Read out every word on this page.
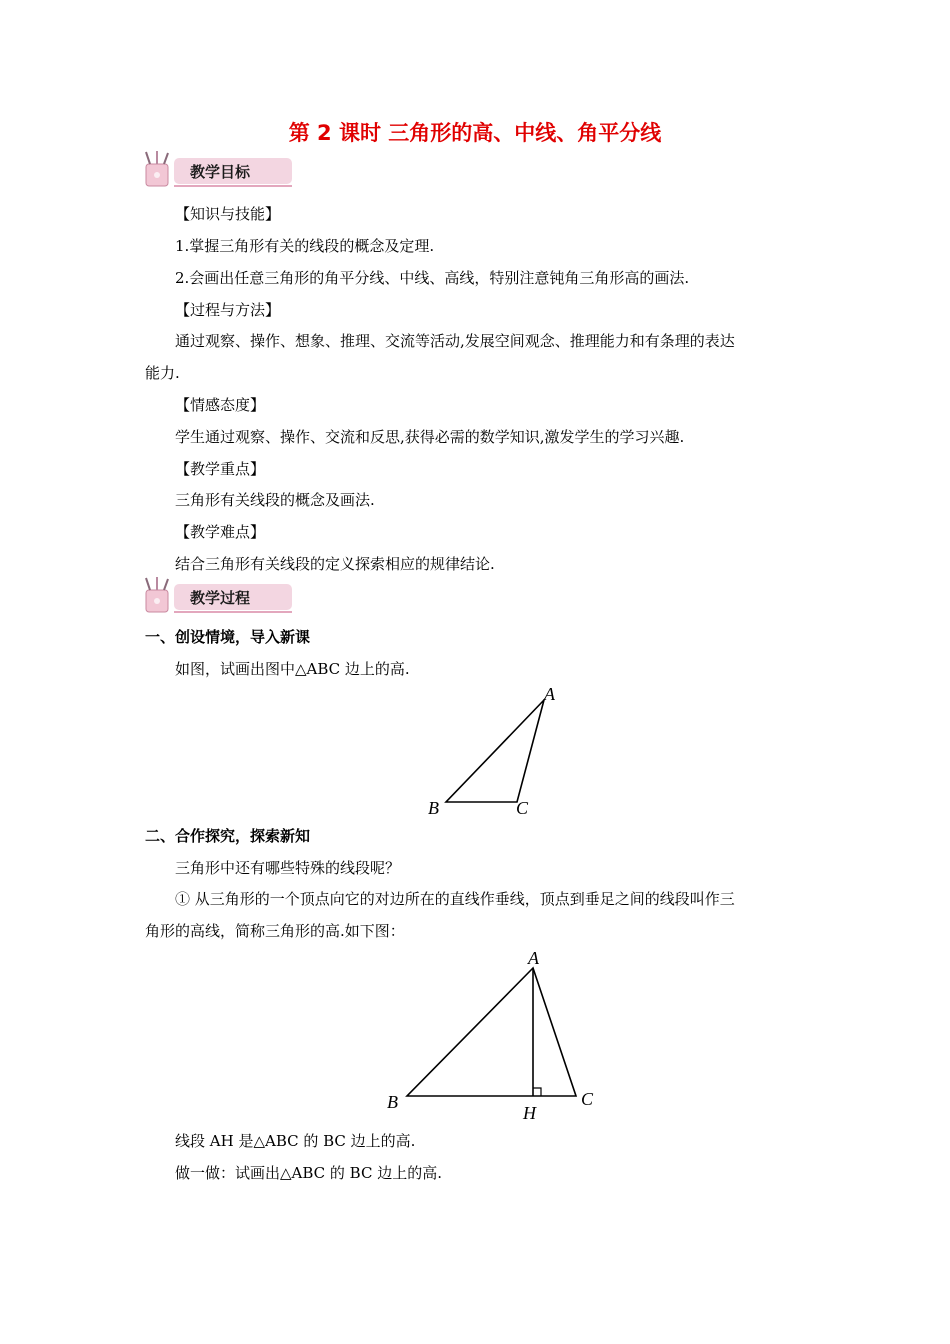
第 2 课时 三角形的高、中线、角平分线
教学目标
【知识与技能】
1.掌握三角形有关的线段的概念及定理.
2.会画出任意三角形的角平分线、中线、高线，特别注意钝角三角形高的画法.
【过程与方法】
通过观察、操作、想象、推理、交流等活动,发展空间观念、推理能力和有条理的表达
能力.
【情感态度】
学生通过观察、操作、交流和反思,获得必需的数学知识,激发学生的学习兴趣.
【教学重点】
三角形有关线段的概念及画法.
【教学难点】
结合三角形有关线段的定义探索相应的规律结论.
教学过程
一、创设情境，导入新课
如图，试画出图中△ABC 边上的高.
A
B	C
二、合作探究，探索新知
三角形中还有哪些特殊的线段呢？
① 从三角形的一个顶点向它的对边所在的直线作垂线，顶点到垂足之间的线段叫作三
角形的高线，简称三角形的高.如下图：
A
B	C
H
线段 AH 是△ABC 的 BC 边上的高.
做一做：试画出△ABC 的 BC 边上的高.
